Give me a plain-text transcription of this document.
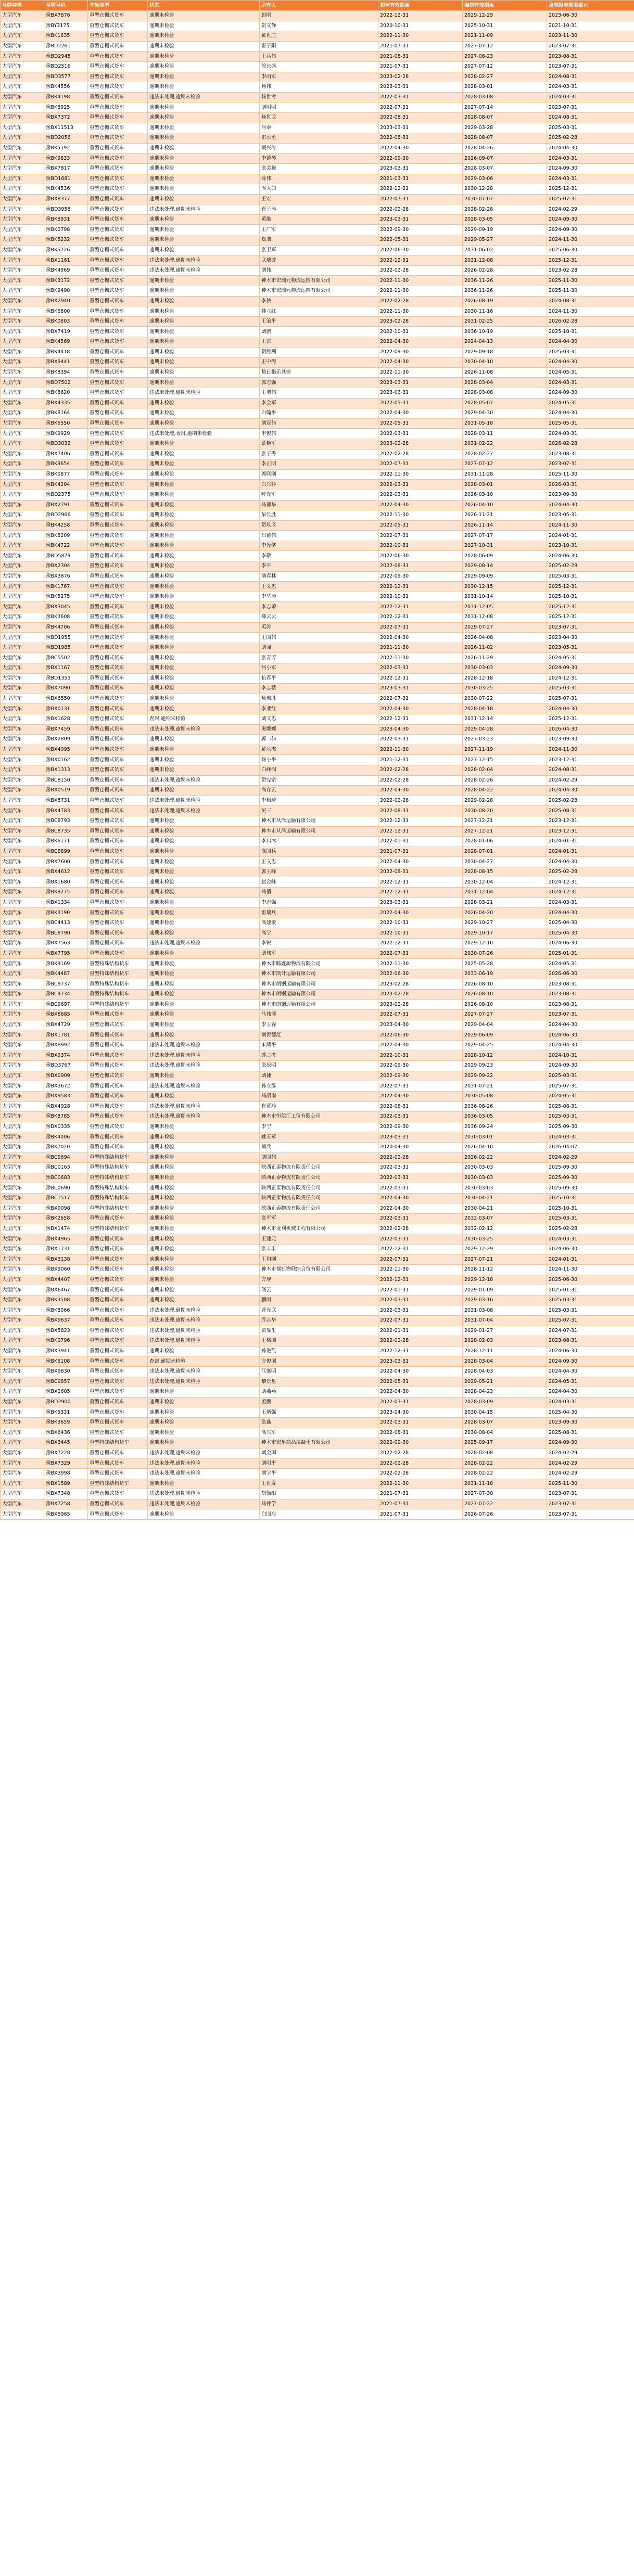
号牌种类	号牌号码	车辆类型	状态	所有人	初登有效期至	强制有效期至	强制报废期限截止
大型汽车	豫BX7876	重型仓栅式货车	逾期未检验	赵刚	2022-12-31	2029-12-29	2023-06-30
大型汽车	豫BY3175	重型仓栅式货车	逾期未检验	贺文静	2020-10-31	2025-10-31	2021-10-31
大型汽车	豫BK1635	重型仓栅式货车	逾期未检验	解世庄	2022-11-30	2021-11-09	2023-11-30
大型汽车	豫BD2261	重型仓栅式货车	逾期未检验	雷子阳	2021-07-31	2027-07-12	2023-07-31
大型汽车	豫BD2945	重型仓栅式货车	逾期未检验	王兵伟	2021-08-31	2027-08-23	2023-08-31
大型汽车	豫BD2516	重型仓栅式货车	逾期未检验	徐长盛	2021-07-31	2027-07-12	2023-07-31
大型汽车	豫BD3577	重型仓栅式货车	逾期未检验	李雨军	2023-02-28	2028-02-27	2024-08-31
大型汽车	豫BK4556	重型仓栅式货车	逾期未检验	杨伟	2023-03-31	2028-03-01	2024-03-31
大型汽车	豫BK4198	重型仓栅式货车	违法未处理,逾期未检验	杨世考	2022-03-31	2028-03-08	2024-03-31
大型汽车	豫BK8925	重型仓栅式货车	逾期未检验	刘明明	2022-07-31	2027-07-14	2023-07-31
大型汽车	豫BX7372	重型仓栅式货车	逾期未检验	杨世龙	2022-08-31	2028-08-07	2024-08-31
大型汽车	豫BX11513	重型仓栅式货车	逾期未检验	何秦	2023-03-31	2029-03-28	2025-03-31
大型汽车	豫BD2056	重型仓栅式货车	逾期未检验	雷永勇	2022-08-31	2028-08-07	2025-02-28
大型汽车	豫BK5192	重型仓栅式货车	逾期未检验	刘兴涛	2022-04-30	2028-04-26	2024-04-30
大型汽车	豫BK9833	重型仓栅式货车	逾期未检验	李德琴	2022-09-30	2026-09-07	2024-03-31
大型汽车	豫BX7817	重型仓栅式货车	逾期未检验	张美腾	2023-03-31	2028-03-07	2024-09-30
大型汽车	豫BD1681	重型仓栅式货车	逾期未检验	薛伟	2021-03-31	2029-03-06	2024-03-31
大型汽车	豫BK4536	重型仓栅式货车	逾期未检验	周大如	2022-12-31	2030-12-28	2025-12-31
大型汽车	豫BX8377	重型仓栅式货车	逾期未检验	王宏	2022-07-31	2030-07-07	2025-07-31
大型汽车	豫BD3958	重型仓栅式货车	违法未处理,逾期未检验	崔子涛	2022-02-28	2028-02-28	2024-02-29
大型汽车	豫BK8931	重型仓栅式货车	逾期未检验	黄维	2023-03-31	2028-03-05	2024-09-30
大型汽车	豫BK0798	重型仓栅式货车	逾期未检验	王广军	2022-09-30	2029-09-19	2024-09-30
大型汽车	豫BK5232	重型仓栅式货车	逾期未检验	郑浩	2022-05-31	2029-05-27	2024-11-30
大型汽车	豫BK5726	重型仓栅式货车	逾期未检验	张卫军	2022-06-30	2031-06-02	2025-06-30
大型汽车	豫BX1161	重型仓栅式货车	违法未处理,逾期未检验	武瑞芳	2022-12-31	2031-12-08	2025-12-31
大型汽车	豫BK4969	重型仓栅式货车	违法未处理,逾期未检验	刘伟	2022-02-28	2026-02-28	2023-02-28
大型汽车	豫BK3172	重型仓栅式货车	逾期未检验	神木市宏瑞元物流运输有限公司	2022-11-30	2036-11-26	2025-11-30
大型汽车	豫BK9490	重型仓栅式货车	逾期未检验	神木市宏瑞元物流运输有限公司	2022-11-30	2036-11-26	2025-11-30
大型汽车	豫BX2940	重型仓栅式货车	逾期未检验	李侠	2022-02-28	2026-08-19	2024-08-31
大型汽车	豫BK6800	重型仓栅式货车	逾期未检验	韩立红	2022-11-30	2030-11-16	2024-11-30
大型汽车	豫BK0803	重型仓栅式货车	逾期未检验	王治平	2023-02-28	2031-02-25	2026-02-28
大型汽车	豫BX7419	重型仓栅式货车	逾期未检验	刘鹏	2022-10-31	2036-10-19	2025-10-31
大型汽车	豫BK4569	重型仓栅式货车	逾期未检验	王雷	2022-04-30	2024-04-13	2024-04-30
大型汽车	豫BK4418	重型仓栅式货车	逾期未检验	贺胜利	2022-09-30	2029-09-18	2025-03-31
大型汽车	豫BX9441	重型仓栅式货车	逾期未检验	王中海	2022-04-30	2030-04-10	2024-04-30
大型汽车	豫BK8394	重型仓栅式货车	逾期未检验	数日指乐其旁	2022-11-30	2026-11-08	2024-05-31
大型汽车	豫BD7502	重型仓栅式货车	逾期未检验	郭志强	2023-03-31	2028-03-04	2024-03-31
大型汽车	豫BK8620	重型仓栅式货车	违法未处理,逾期未检验	王增伟	2023-03-31	2028-03-08	2024-09-30
大型汽车	豫BX4335	重型仓栅式货车	逾期未检验	李金军	2022-05-31	2028-05-07	2024-05-31
大型汽车	豫BK8164	重型仓栅式货车	逾期未检验	白翰平	2022-04-30	2029-04-30	2024-04-30
大型汽车	豫BK6550	重型仓栅式货车	逾期未检验	刘冠伟	2022-05-31	2031-05-18	2025-05-31
大型汽车	豫BK9929	重型仓栅式货车	违法未处理,表封,逾期未检验	申俊伟	2022-03-31	2028-03-11	2024-03-31
大型汽车	豫BD3032	重型仓栅式货车	逾期未检验	慕艳军	2023-02-28	2031-02-22	2026-02-28
大型汽车	豫BX7406	重型仓栅式货车	逾期未检验	张子秀	2022-02-28	2028-02-27	2023-08-31
大型汽车	豫BK9654	重型仓栅式货车	逾期未检验	李正明	2022-07-31	2027-07-12	2023-07-31
大型汽车	豫BK0877	重型仓栅式货车	逾期未检验	郭联刚	2022-11-30	2031-11-28	2025-11-30
大型汽车	豫BK4204	重型仓栅式货车	逾期未检验	白兴怀	2022-03-31	2028-03-01	2026-03-31
大型汽车	豫BD2375	重型仓栅式货车	逾期未检验	呼光军	2022-03-31	2026-03-10	2023-09-30
大型汽车	豫BX2791	重型仓栅式货车	逾期未检验	马都华	2022-04-30	2026-04-10	2024-04-30
大型汽车	豫BD2966	重型仓栅式货车	逾期未检验	呆长胜	2022-11-30	2026-11-21	2023-05-31
大型汽车	豫BK4258	重型仓栅式货车	逾期未检验	贺玖区	2022-05-31	2026-11-14	2024-11-30
大型汽车	豫BK8209	重型仓栅式货车	逾期未检验	吕德伟	2022-07-31	2027-07-17	2024-01-31
大型汽车	豫BK4722	重型仓栅式货车	逾期未检验	李光学	2022-10-31	2027-10-31	2023-10-31
大型汽车	豫BD5879	重型仓栅式货车	逾期未检验	李敬	2022-06-30	2028-06-09	2024-06-30
大型汽车	豫BX2304	重型仓栅式货车	逾期未检验	李平	2022-08-31	2029-08-14	2025-02-28
大型汽车	豫BX3876	重型仓栅式货车	逾期未检验	刘春林	2022-09-30	2029-09-09	2025-03-31
大型汽车	豫BK1767	重型仓栅式货车	逾期未检验	王义忠	2022-12-31	2030-12-15	2025-12-31
大型汽车	豫BK5275	重型仓栅式货车	逾期未检验	李华涛	2022-10-31	2031-10-14	2025-10-31
大型汽车	豫BX3045	重型仓栅式货车	逾期未检验	李志荣	2022-12-31	2031-12-05	2025-12-31
大型汽车	豫BK3608	重型仓栅式货车	逾期未检验	郝云云	2022-12-31	2031-12-08	2025-12-31
大型汽车	豫BK4706	重型仓栅式货车	逾期未检验	英涛	2022-07-31	2029-07-27	2023-07-31
大型汽车	豫BD1955	重型仓栅式货车	逾期未检验	王国伟	2022-04-30	2026-04-08	2023-04-30
大型汽车	豫BD1985	重型仓栅式货车	逾期未检验	刘强	2021-11-30	2026-11-02	2023-05-31
大型汽车	豫BC5502	重型仓栅式货车	逾期未检验	张青芳	2022-11-30	2026-11-29	2024-05-31
大型汽车	豫BX1167	重型仓栅式货车	逾期未检验	何小军	2022-03-31	2030-03-03	2024-09-30
大型汽车	豫BD1355	重型仓栅式货车	逾期未检验	杭春平	2022-12-31	2028-12-18	2024-12-31
大型汽车	豫BX7090	重型仓栅式货车	逾期未检验	李志楼	2023-03-31	2030-03-25	2025-03-31
大型汽车	豫BX6550	重型仓栅式货车	逾期未检验	师珊胜	2022-07-31	2030-07-22	2025-07-31
大型汽车	豫BX0131	重型仓栅式货车	逾期未检验	李亚红	2022-04-30	2028-04-18	2024-04-30
大型汽车	豫BX1628	重型仓栅式货车	查封,逾期未检验	刘文忠	2022-12-31	2031-12-14	2025-12-31
大型汽车	豫BX7459	重型仓栅式货车	违法未处理,逾期未检验	奥娜娜	2023-04-30	2029-04-28	2026-04-30
大型汽车	豫BX2809	重型仓栅式货车	逾期未检验	郭二伟	2022-03-31	2027-03-23	2023-09-30
大型汽车	豫BX4995	重型仓栅式货车	逾期未检验	解永杰	2022-11-30	2027-11-19	2024-11-30
大型汽车	豫BX0162	重型仓栅式货车	逾期未检验	杨小平	2021-12-31	2027-12-15	2023-12-31
大型汽车	豫BX1313	重型仓栅式货车	逾期未检验	白峰润	2022-02-28	2028-02-04	2024-08-31
大型汽车	豫BC8150	重型仓栅式货车	违法未处理,逾期未检验	贺宪宗	2022-02-28	2028-02-26	2024-02-29
大型汽车	豫BX0519	重型仓栅式货车	逾期未检验	高存云	2022-04-30	2028-04-22	2024-04-30
大型汽车	豫BX5731	重型仓栅式货车	违法未处理,逾期未检验	李梅琦	2022-02-28	2029-02-28	2025-02-28
大型汽车	豫BX4783	重型仓栅式货车	违法未处理,逾期未检验	吴三	2022-08-31	2030-08-20	2025-08-31
大型汽车	豫BC8793	重型仓栅式货车	逾期未检验	神木市从泽运输有限公司	2022-12-31	2027-12-21	2023-12-31
大型汽车	豫BC8735	重型仓栅式货车	逾期未检验	神木市从泽运输有限公司	2022-12-31	2027-12-21	2023-12-31
大型汽车	豫BK6171	重型仓栅式货车	逾期未检验	李启冰	2022-01-31	2028-01-06	2024-01-31
大型汽车	豫BC8899	重型仓栅式货车	逾期未检验	高国兵	2021-07-31	2028-07-01	2024-01-31
大型汽车	豫BX7600	重型仓栅式货车	逾期未检验	王文忠	2022-04-30	2030-04-27	2024-04-30
大型汽车	豫BX4612	重型仓栅式货车	逾期未检验	郭玉峰	2022-08-31	2028-08-15	2025-02-28
大型汽车	豫BX1680	重型仓栅式货车	逾期未检验	赵金峰	2022-12-31	2030-12-04	2024-12-31
大型汽车	豫BK8275	重型仓栅式货车	逾期未检验	马倩	2022-12-31	2031-12-04	2024-12-31
大型汽车	豫BX1334	重型仓栅式货车	逾期未检验	李志强	2023-03-31	2028-03-21	2024-03-31
大型汽车	豫BK3190	重型仓栅式货车	逾期未检验	雷瑞兵	2022-04-30	2026-04-20	2024-04-30
大型汽车	豫BC4413	重型仓栅式货车	逾期未检验	高建敏	2022-10-31	2029-10-27	2025-04-30
大型汽车	豫BC8790	重型仓栅式货车	逾期未检验	高学	2022-10-31	2029-10-17	2025-04-30
大型汽车	豫BX7563	重型仓栅式货车	违法未处理,逾期未检验	李锐	2022-12-31	2029-12-10	2024-06-30
大型汽车	豫BX7795	重型仓栅式货车	逾期未检验	刘伟军	2022-07-31	2030-07-26	2025-01-31
大型汽车	豫BK9169	重型特殊结构货车	逾期未检验	神木市腾鑫源物流有限公司	2022-11-30	2025-05-28	2024-05-31
大型汽车	豫BK4487	重型特殊结构货车	逾期未检验	神木市凯升运输有限公司	2022-06-30	2033-06-19	2026-06-30
大型汽车	豫BC9737	重型特殊结构货车	逾期未检验	神木市朗钢运输有限公司	2023-02-28	2026-08-10	2023-08-31
大型汽车	豫BC9734	重型特殊结构货车	逾期未检验	神木市朗钢运输有限公司	2023-02-28	2026-08-10	2023-08-31
大型汽车	豫BC9697	重型特殊结构货车	逾期未检验	神木市朗钢运输有限公司	2023-02-28	2026-08-10	2023-08-31
大型汽车	豫BX8685	重型仓栅式货车	逾期未检验	马伟博	2022-07-31	2027-07-27	2023-07-31
大型汽车	豫BX4729	重型仓栅式货车	逾期未检验	李玉春	2023-04-30	2029-04-04	2024-04-30
大型汽车	豫BX1781	重型仓栅式货车	逾期未检验	刘得德厄	2022-06-30	2029-06-09	2024-06-30
大型汽车	豫BX8992	重型仓栅式货车	违法未处理,逾期未检验	宋耀平	2022-04-30	2029-04-25	2024-04-30
大型汽车	豫BX9374	重型仓栅式货车	违法未处理,逾期未检验	苏二考	2022-10-31	2028-10-12	2024-10-31
大型汽车	豫BD3767	重型仓栅式货车	违法未处理,逾期未检验	张辰明	2022-09-30	2029-09-23	2024-09-30
大型汽车	豫BX0909	重型仓栅式货车	逾期未检验	刘捷	2022-09-30	2029-09-22	2025-03-31
大型汽车	豫BX3672	重型仓栅式货车	违法未处理,逾期未检验	孙立群	2022-07-31	2031-07-21	2025-07-31
大型汽车	豫BX9583	重型仓栅式货车	逾期未检验	马韶南	2022-04-30	2030-05-08	2024-05-31
大型汽车	豫BX4928	重型仓栅式货车	违法未处理,逾期未检验	崔黄珍	2022-08-31	2036-08-26	2025-08-31
大型汽车	豫BK8785	重型仓栅式货车	违法未处理,逾期未检验	神木市恒信汇工贸有限公司	2022-03-31	2036-03-05	2025-03-31
大型汽车	豫BX0335	重型仓栅式货车	逾期未检验	李宁	2022-09-30	2036-09-24	2025-09-30
大型汽车	豫BK4006	重型仓栅式货车	逾期未检验	姚玉军	2023-03-31	2030-03-01	2024-03-31
大型汽车	豫BK7020	重型仓栅式货车	逾期未检验	刘兵	2020-04-30	2026-04-10	2026-04-07
大型汽车	豫BC9694	重型特殊结构货车	逾期未检验	刘国伟	2022-02-28	2026-02-22	2024-02-29
大型汽车	豫BC0163	重型特殊结构货车	逾期未检验	陕西正泰物流有限责任公司	2022-03-31	2030-03-03	2025-09-30
大型汽车	豫BC0683	重型特殊结构货车	逾期未检验	陕西正泰物流有限责任公司	2022-03-31	2030-03-03	2025-09-30
大型汽车	豫BC0690	重型特殊结构货车	逾期未检验	陕西正泰物流有限责任公司	2022-03-31	2030-03-03	2025-09-30
大型汽车	豫BC1517	重型特殊结构货车	逾期未检验	陕西正泰物流有限责任公司	2022-04-30	2030-04-21	2025-10-31
大型汽车	豫BX9098	重型特殊结构货车	逾期未检验	陕西正泰物流有限责任公司	2022-04-30	2030-04-21	2025-10-31
大型汽车	豫BK2658	重型仓栅式货车	逾期未检验	张军军	2022-03-31	2032-03-07	2025-03-31
大型汽车	豫BX1474	重型特殊结构货车	逾期未检验	神木市龙利机械工程有限公司	2022-02-28	2032-02-12	2025-02-28
大型汽车	豫BX4965	重型仓栅式货车	逾期未检验	王建元	2022-03-31	2030-03-25	2024-03-31
大型汽车	豫BX1731	重型仓栅式货车	逾期未检验	张丰丰	2022-12-31	2029-12-29	2024-06-30
大型汽车	豫BX3138	重型仓栅式货车	逾期未检验	王和刚	2022-07-31	2027-07-21	2024-01-31
大型汽车	豫BX9060	重型仓栅式货车	逾期未检验	神木市郁钮物联综合贸有限公司	2022-11-30	2028-11-12	2024-11-30
大型汽车	豫BX4407	重型仓栅式货车	逾期未检验	方现	2022-12-31	2029-12-18	2025-06-30
大型汽车	豫BX6467	重型仓栅式货车	逾期未检验	闫云	2022-01-31	2029-01-09	2025-01-31
大型汽车	豫BK3508	重型仓栅式货车	逾期未检验	鹏雨	2022-03-31	2029-03-16	2025-03-31
大型汽车	豫BK8066	重型仓栅式货车	违法未处理,逾期未检验	曹光武	2022-03-31	2031-03-08	2025-03-31
大型汽车	豫BX9637	重型仓栅式货车	违法未处理,逾期未检验	乔志华	2022-07-31	2031-07-04	2025-07-31
大型汽车	豫BX5823	重型仓栅式货车	违法未处理,逾期未检验	贾显生	2022-01-31	2029-01-27	2024-07-31
大型汽车	豫BK0796	重型仓栅式货车	违法未处理,逾期未检验	王格国	2022-02-28	2028-02-03	2023-08-31
大型汽车	豫BX3941	重型仓栅式货车	逾期未检验	孙艳凯	2022-12-31	2028-12-11	2024-06-30
大型汽车	豫BK6108	重型仓栅式货车	查封,逾期未检验	方俊国	2023-03-31	2028-03-04	2024-09-30
大型汽车	豫BX9830	重型仓栅式货车	违法未处理,逾期未检验	江盛明	2022-04-30	2028-04-03	2024-04-30
大型汽车	豫BC9857	重型仓栅式货车	违法未处理,逾期未检验	黎景星	2022-05-31	2029-05-21	2024-05-31
大型汽车	豫BX2605	重型仓栅式货车	逾期未检验	刘燕燕	2022-04-30	2028-04-23	2024-04-30
大型汽车	豫BD2900	重型仓栅式货车	逾期未检验	孟鹏	2022-03-31	2028-03-09	2024-03-31
大型汽车	豫BK5331	重型仓栅式货车	逾期未检验	王炳强	2023-04-30	2030-04-15	2025-04-30
大型汽车	豫BK3659	重型仓栅式货车	逾期未检验	张鑫	2022-03-31	2028-03-07	2023-09-30
大型汽车	豫BX6436	重型仓栅式货车	逾期未检验	高兴军	2022-08-31	2030-08-04	2025-08-31
大型汽车	豫BX3445	重型特殊结构货车	逾期未检验	神木市宏星商品混凝土有限公司	2022-09-30	2025-09-17	2024-09-30
大型汽车	豫BX7228	重型仓栅式货车	违法未处理,逾期未检验	刘金国	2022-02-28	2028-02-08	2024-02-29
大型汽车	豫BX7329	重型仓栅式货车	违法未处理,逾期未检验	刘明平	2022-02-28	2028-02-22	2024-02-29
大型汽车	豫BX3998	重型仓栅式货车	违法未处理,逾期未检验	刘学平	2022-02-28	2028-02-22	2024-02-29
大型汽车	豫BX1589	重型特殊结构货车	逾期未检验	王世发	2022-11-30	2031-11-18	2025-11-30
大型汽车	豫BX7348	重型仓栅式货车	违法未处理,逾期未检验	胡衡阳	2021-07-31	2027-07-30	2023-07-31
大型汽车	豫BX7258	重型仓栅式货车	违法未处理,逾期未检验	马仲学	2021-07-31	2027-07-22	2023-07-31
大型汽车	豫BX5965	重型仓栅式货车	逾期未检验	白国启	2021-07-31	2026-07-26	2023-07-31
